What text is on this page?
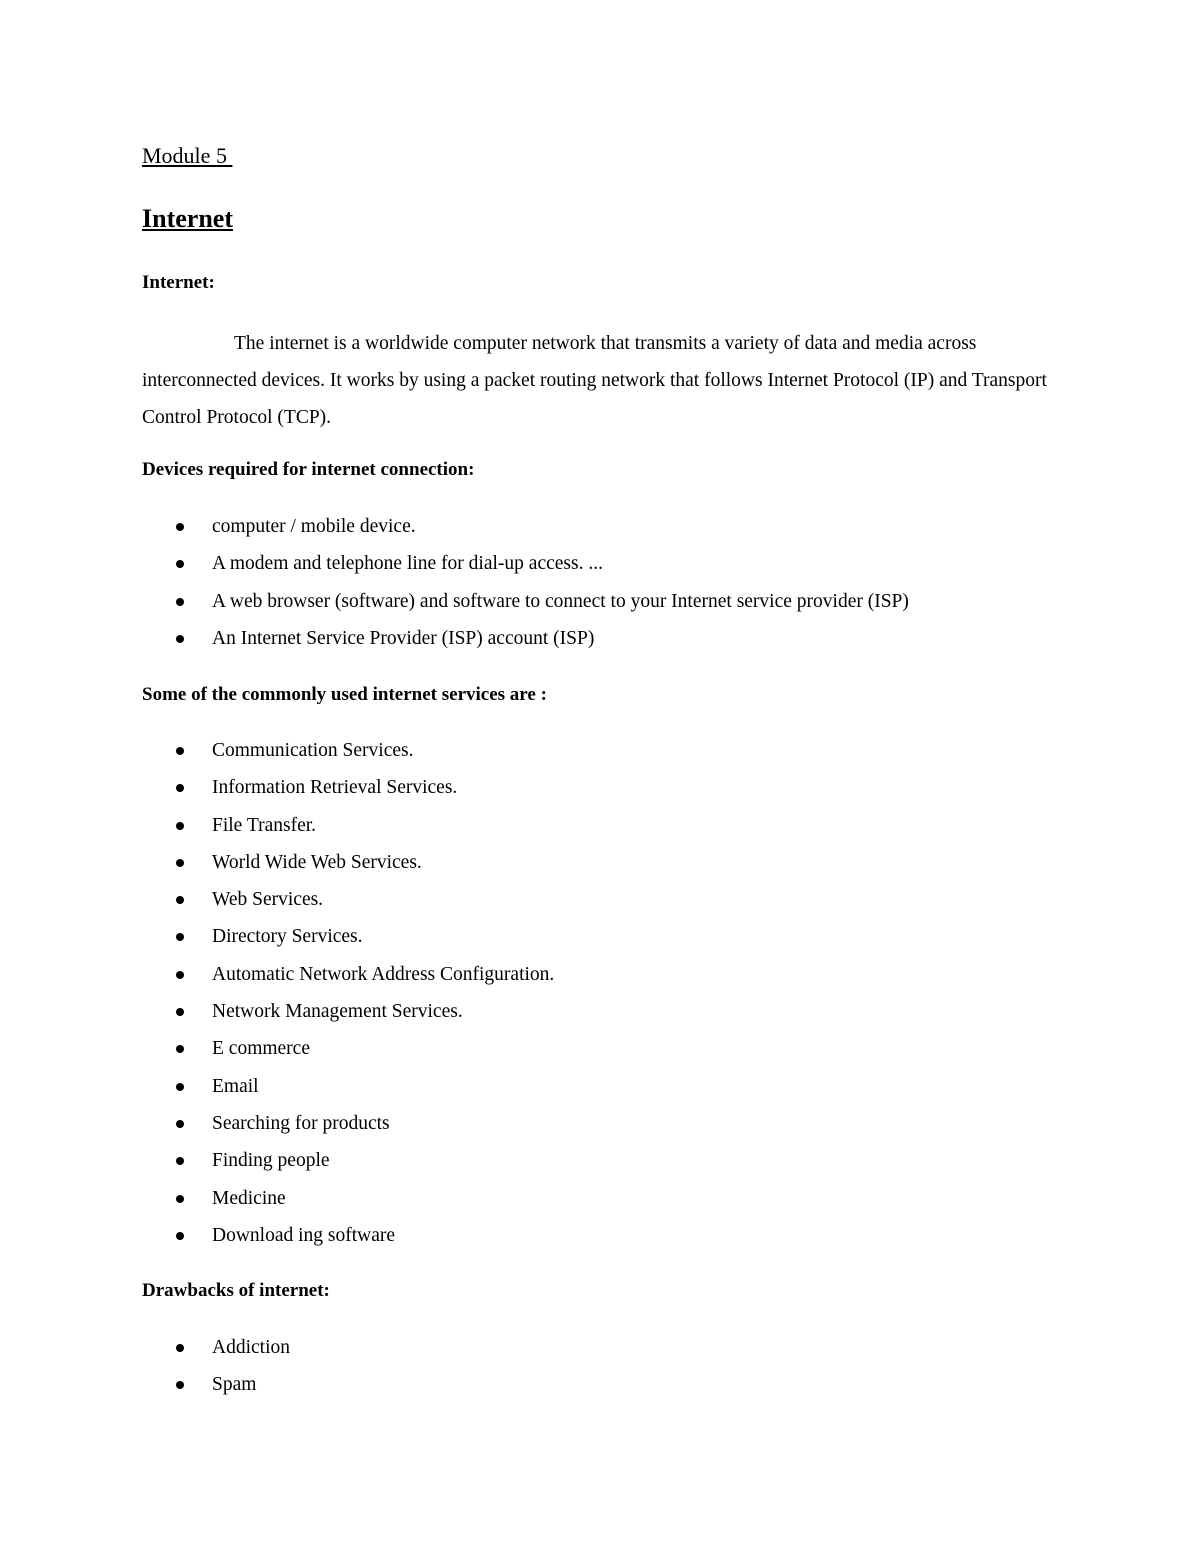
Module 5
Internet
Internet:
The internet is a worldwide computer network that transmits a variety of data and media across interconnected devices. It works by using a packet routing network that follows Internet Protocol (IP) and Transport Control Protocol (TCP).
Devices required for internet connection:
computer / mobile device.
A modem and telephone line for dial-up access. ...
A web browser (software) and software to connect to your Internet service provider (ISP)
An Internet Service Provider (ISP) account (ISP)
Some of the commonly used internet services are :
Communication Services.
Information Retrieval Services.
File Transfer.
World Wide Web Services.
Web Services.
Directory Services.
Automatic Network Address Configuration.
Network Management Services.
E commerce
Email
Searching for products
Finding people
Medicine
Download ing software
Drawbacks of internet:
Addiction
Spam
